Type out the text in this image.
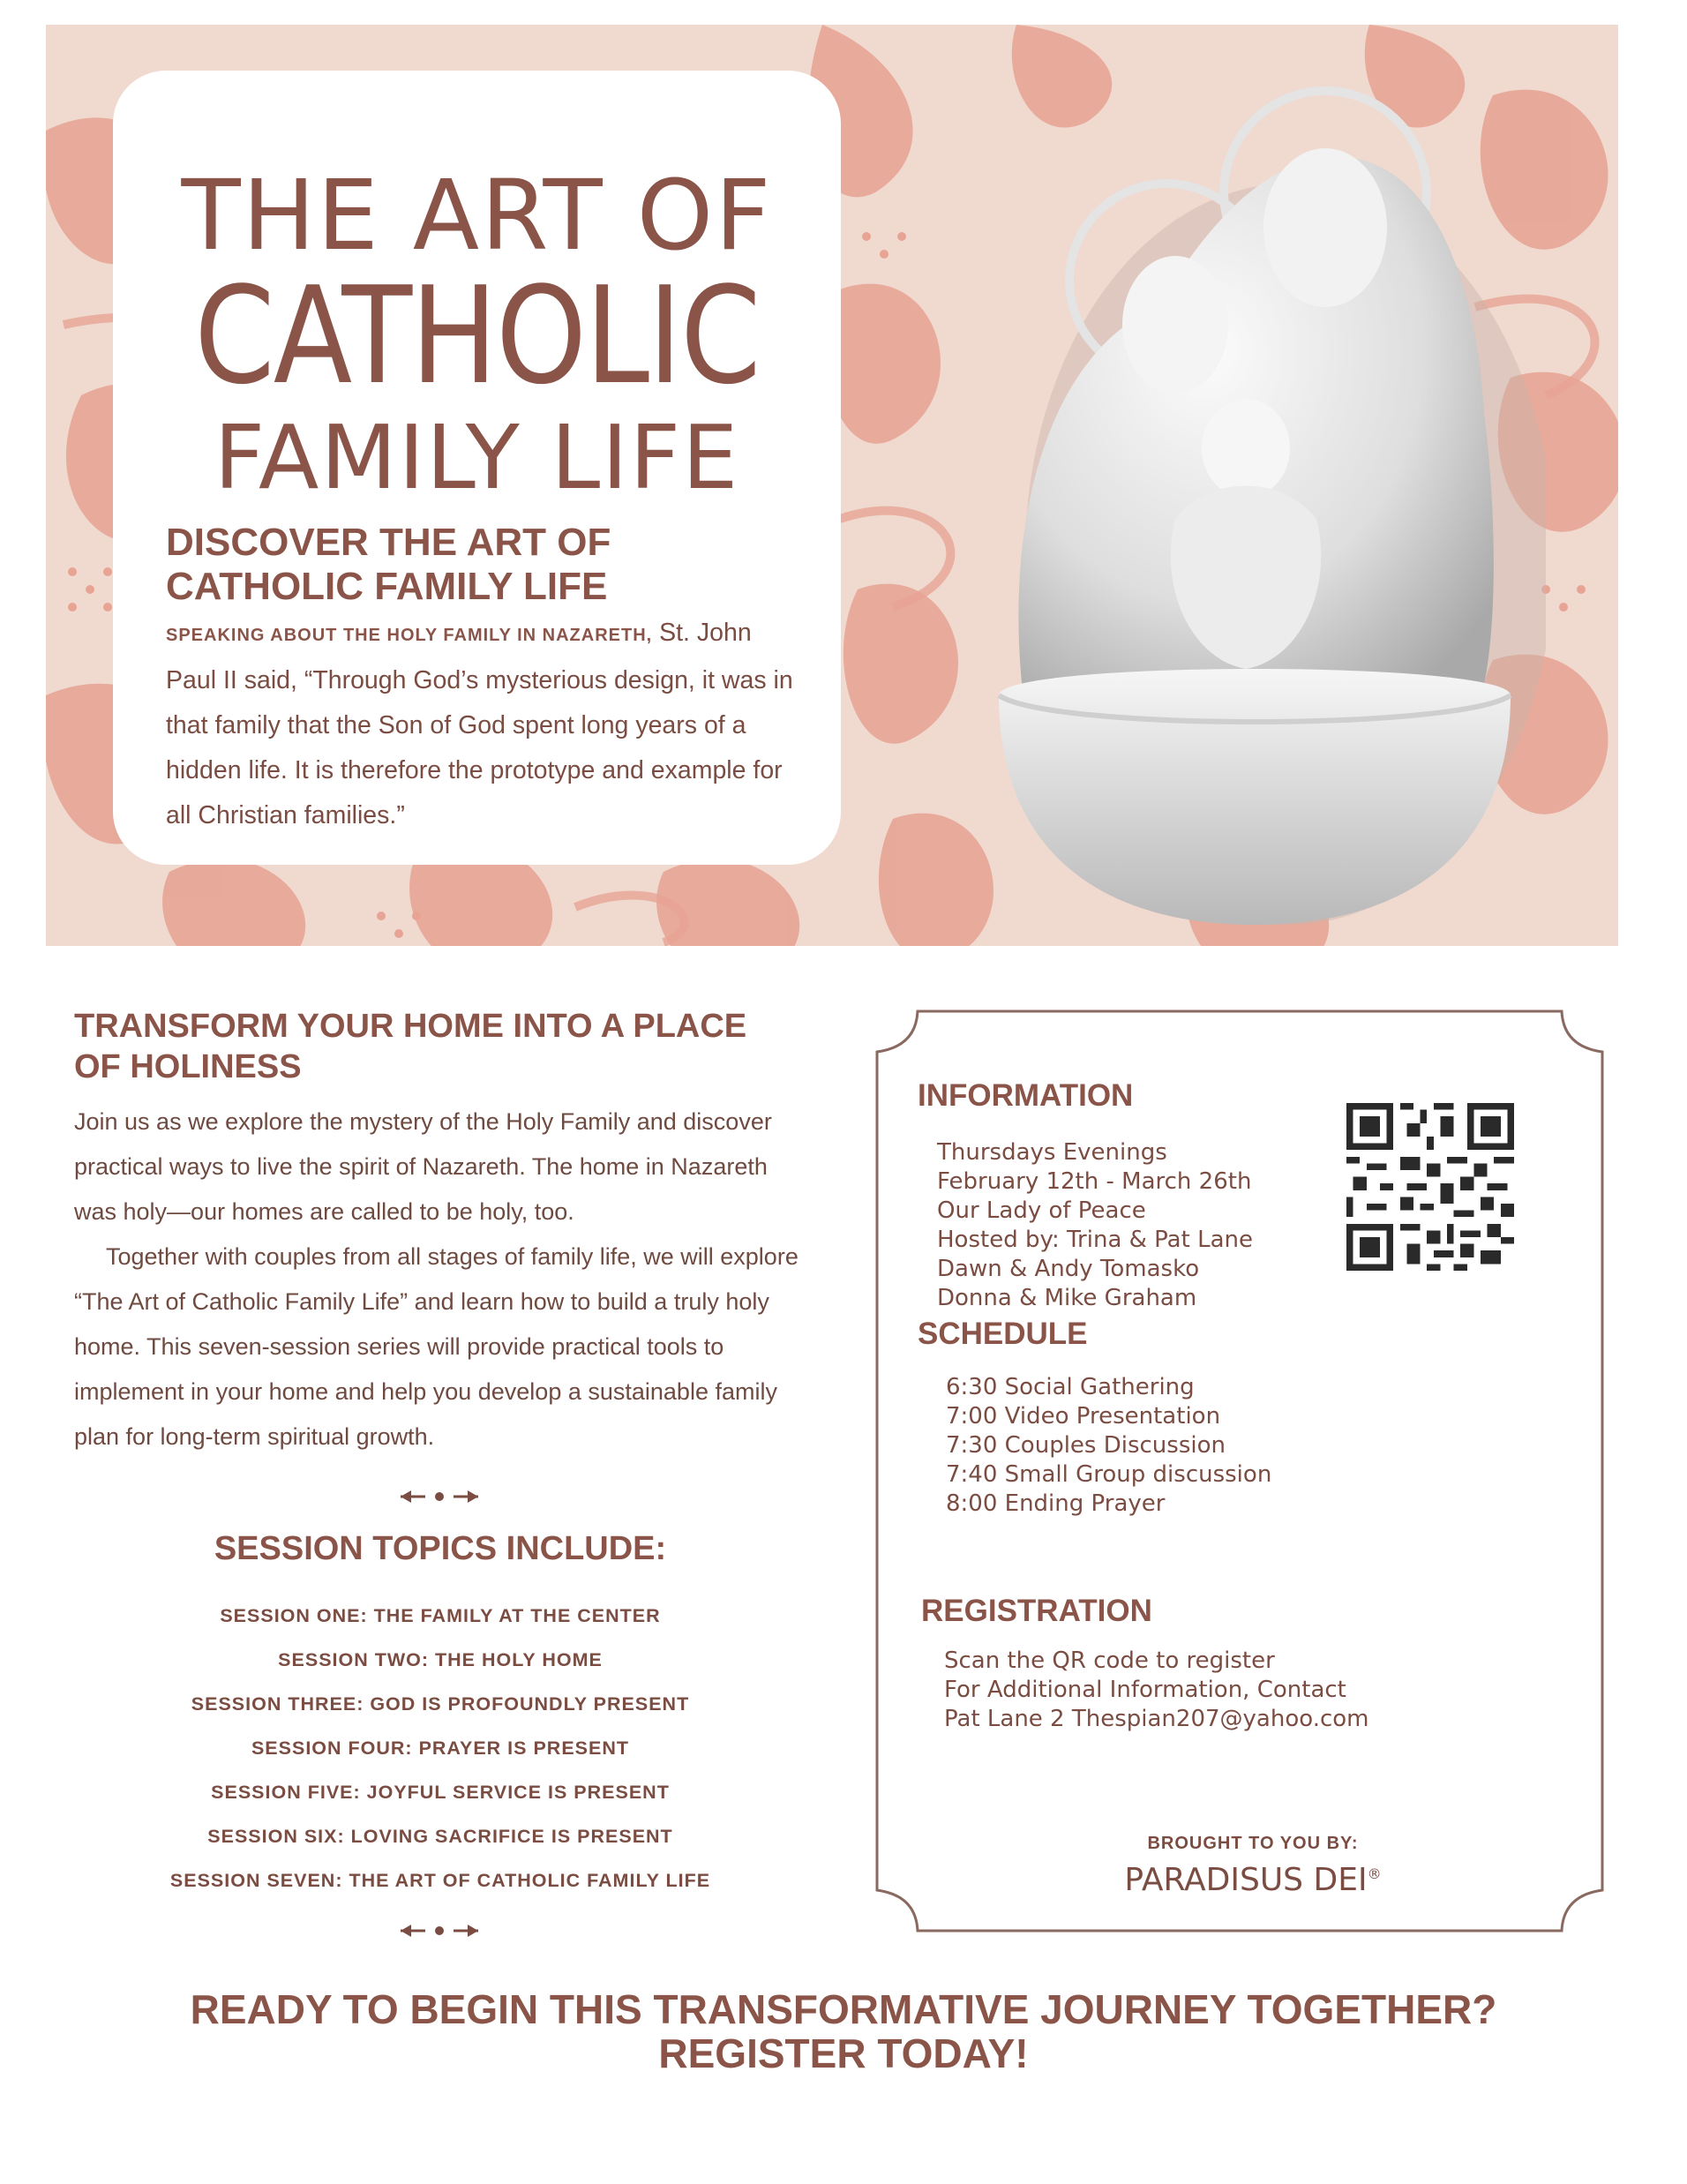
THE ART OF
CATHOLIC
FAMILY LIFE
DISCOVER THE ART OF
CATHOLIC FAMILY LIFE
SPEAKING ABOUT THE HOLY FAMILY IN NAZARETH, St. John Paul II said, “Through God’s mysterious design, it was in that family that the Son of God spent long years of a hidden life. It is therefore the prototype and example for all Christian families.”
TRANSFORM YOUR HOME INTO A PLACE
OF HOLINESS

Join us as we explore the mystery of the Holy Family and discover practical ways to live the spirit of Nazareth. The home in Nazareth was holy—our homes are called to be holy, too.

Together with couples from all stages of family life, we will explore “The Art of Catholic Family Life” and learn how to build a truly holy home. This seven-session series will provide practical tools to implement in your home and help you develop a sustainable family plan for long-term spiritual growth.

SESSION TOPICS INCLUDE:
SESSION ONE: THE FAMILY AT THE CENTER
SESSION TWO: THE HOLY HOME
SESSION THREE: GOD IS PROFOUNDLY PRESENT
SESSION FOUR: PRAYER IS PRESENT
SESSION FIVE: JOYFUL SERVICE IS PRESENT
SESSION SIX: LOVING SACRIFICE IS PRESENT
SESSION SEVEN: THE ART OF CATHOLIC FAMILY LIFE
INFORMATION
Thursdays Evenings
February 12th - March 26th
Our Lady of Peace
Hosted by: Trina & Pat Lane
Dawn & Andy Tomasko
Donna & Mike Graham
SCHEDULE
6:30 Social Gathering
7:00 Video Presentation
7:30 Couples Discussion
7:40 Small Group discussion
8:00 Ending Prayer
REGISTRATION
Scan the QR code to register
For Additional Information, Contact
Pat Lane 2 Thespian207@yahoo.com
BROUGHT TO YOU BY:
PARADISUS DEI®
READY TO BEGIN THIS TRANSFORMATIVE JOURNEY TOGETHER?
REGISTER TODAY!
